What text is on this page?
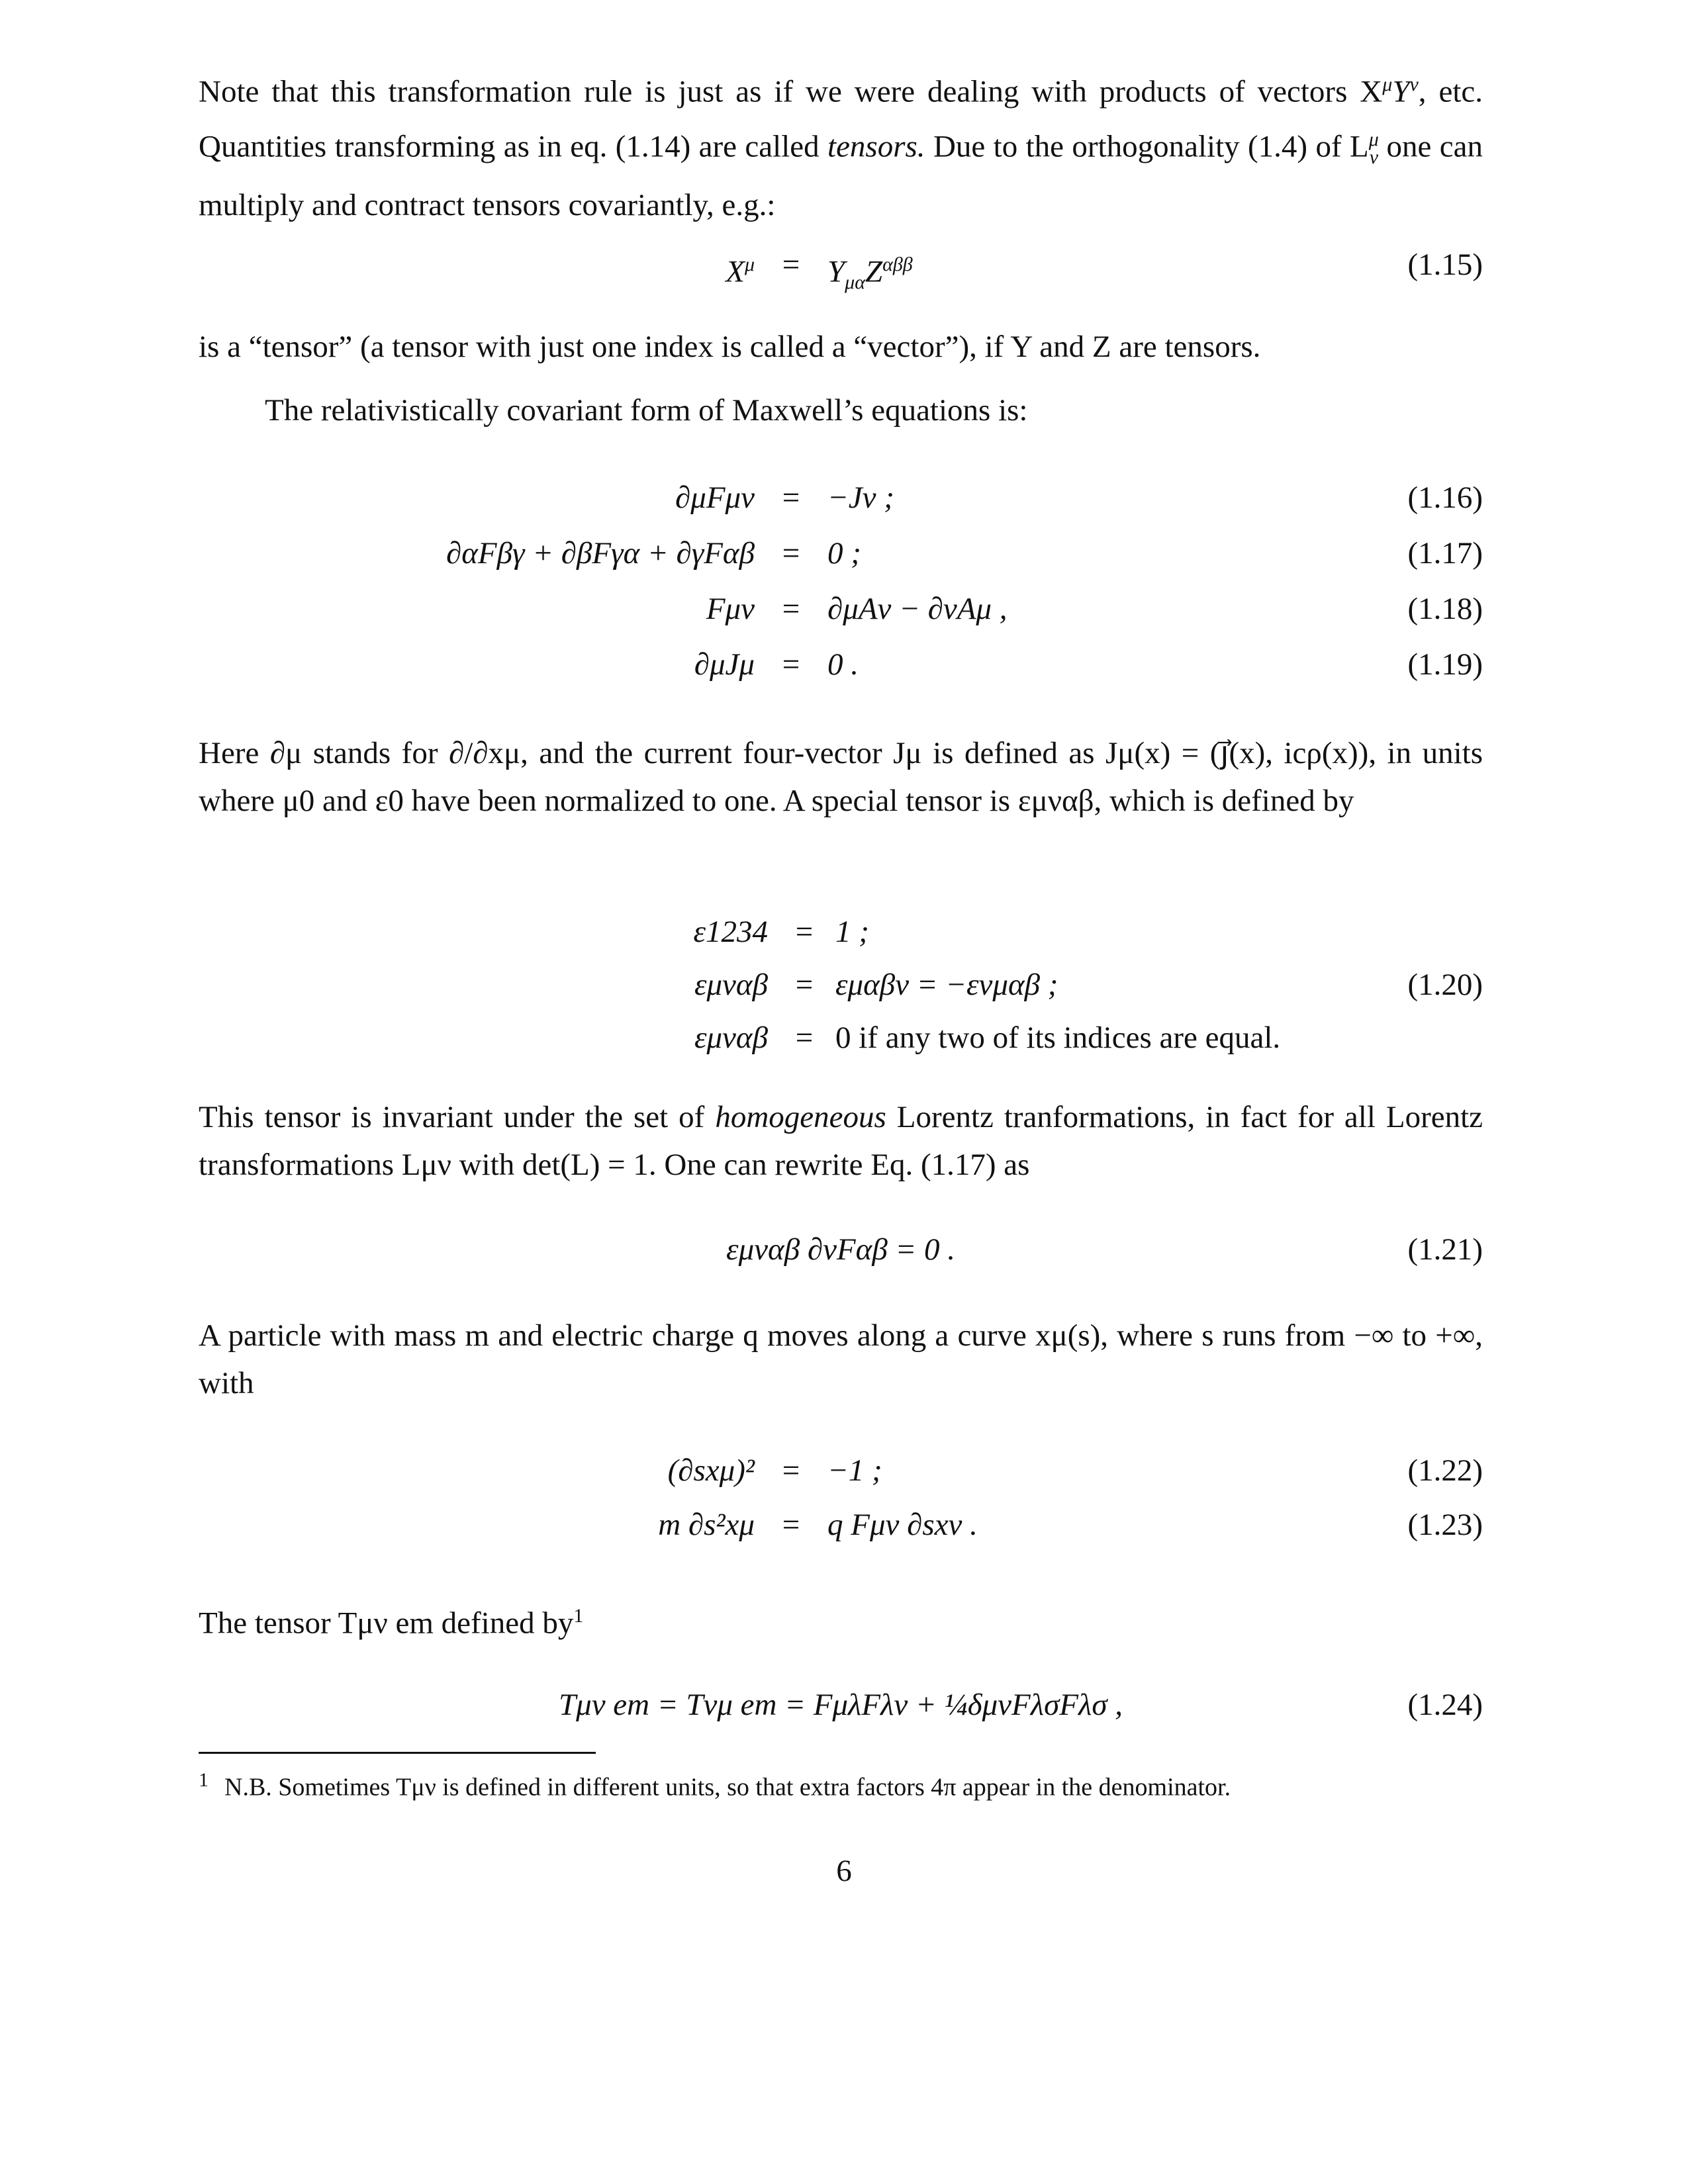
Note that this transformation rule is just as if we were dealing with products of vectors $X^\mu Y^\nu$, etc. Quantities transforming as in eq. (1.14) are called tensors. Due to the orthogonality (1.4) of $L^\mu_\nu$ one can multiply and contract tensors covariantly, e.g.:
$X^\mu = Y_{\mu\alpha}Z^{\alpha\beta\beta}$	(1.15)
is a “tensor” (a tensor with just one index is called a “vector”), if Y and Z are tensors.
The relativistically covariant form of Maxwell’s equations is:
∂μFμν = −Jν ;	(1.16)
∂αFβγ + ∂βFγα + ∂γFαβ = 0 ;	(1.17)
Fμν = ∂μAν − ∂νAμ ,	(1.18)
∂μJμ = 0 .	(1.19)
Here ∂μ stands for ∂/∂xμ, and the current four-vector Jμ is defined as Jμ(x) = (j⃗(x), icρ(x)), in units where μ0 and ε0 have been normalized to one. A special tensor is εμναβ, which is defined by
ε1234 = 1 ;
εμναβ = εμαβν = −ενμαβ ;	(1.20)
εμναβ = 0 if any two of its indices are equal.
This tensor is invariant under the set of homogeneous Lorentz tranformations, in fact for all Lorentz transformations Lμν with det(L) = 1. One can rewrite Eq. (1.17) as
εμναβ ∂νFαβ = 0 .	(1.21)
A particle with mass m and electric charge q moves along a curve xμ(s), where s runs from −∞ to +∞, with
(∂sxμ)² = −1 ;	(1.22)
m ∂s²xμ = q Fμν ∂sxν .	(1.23)
The tensor Tμν em defined $by^1$
Tμν em = Tνμ em = FμλFλν + ¼δμνFλσFλσ ,	(1.24)
$^1$ N.B. Sometimes Tμν is defined in different units, so that extra factors 4π appear in the denominator.
6
